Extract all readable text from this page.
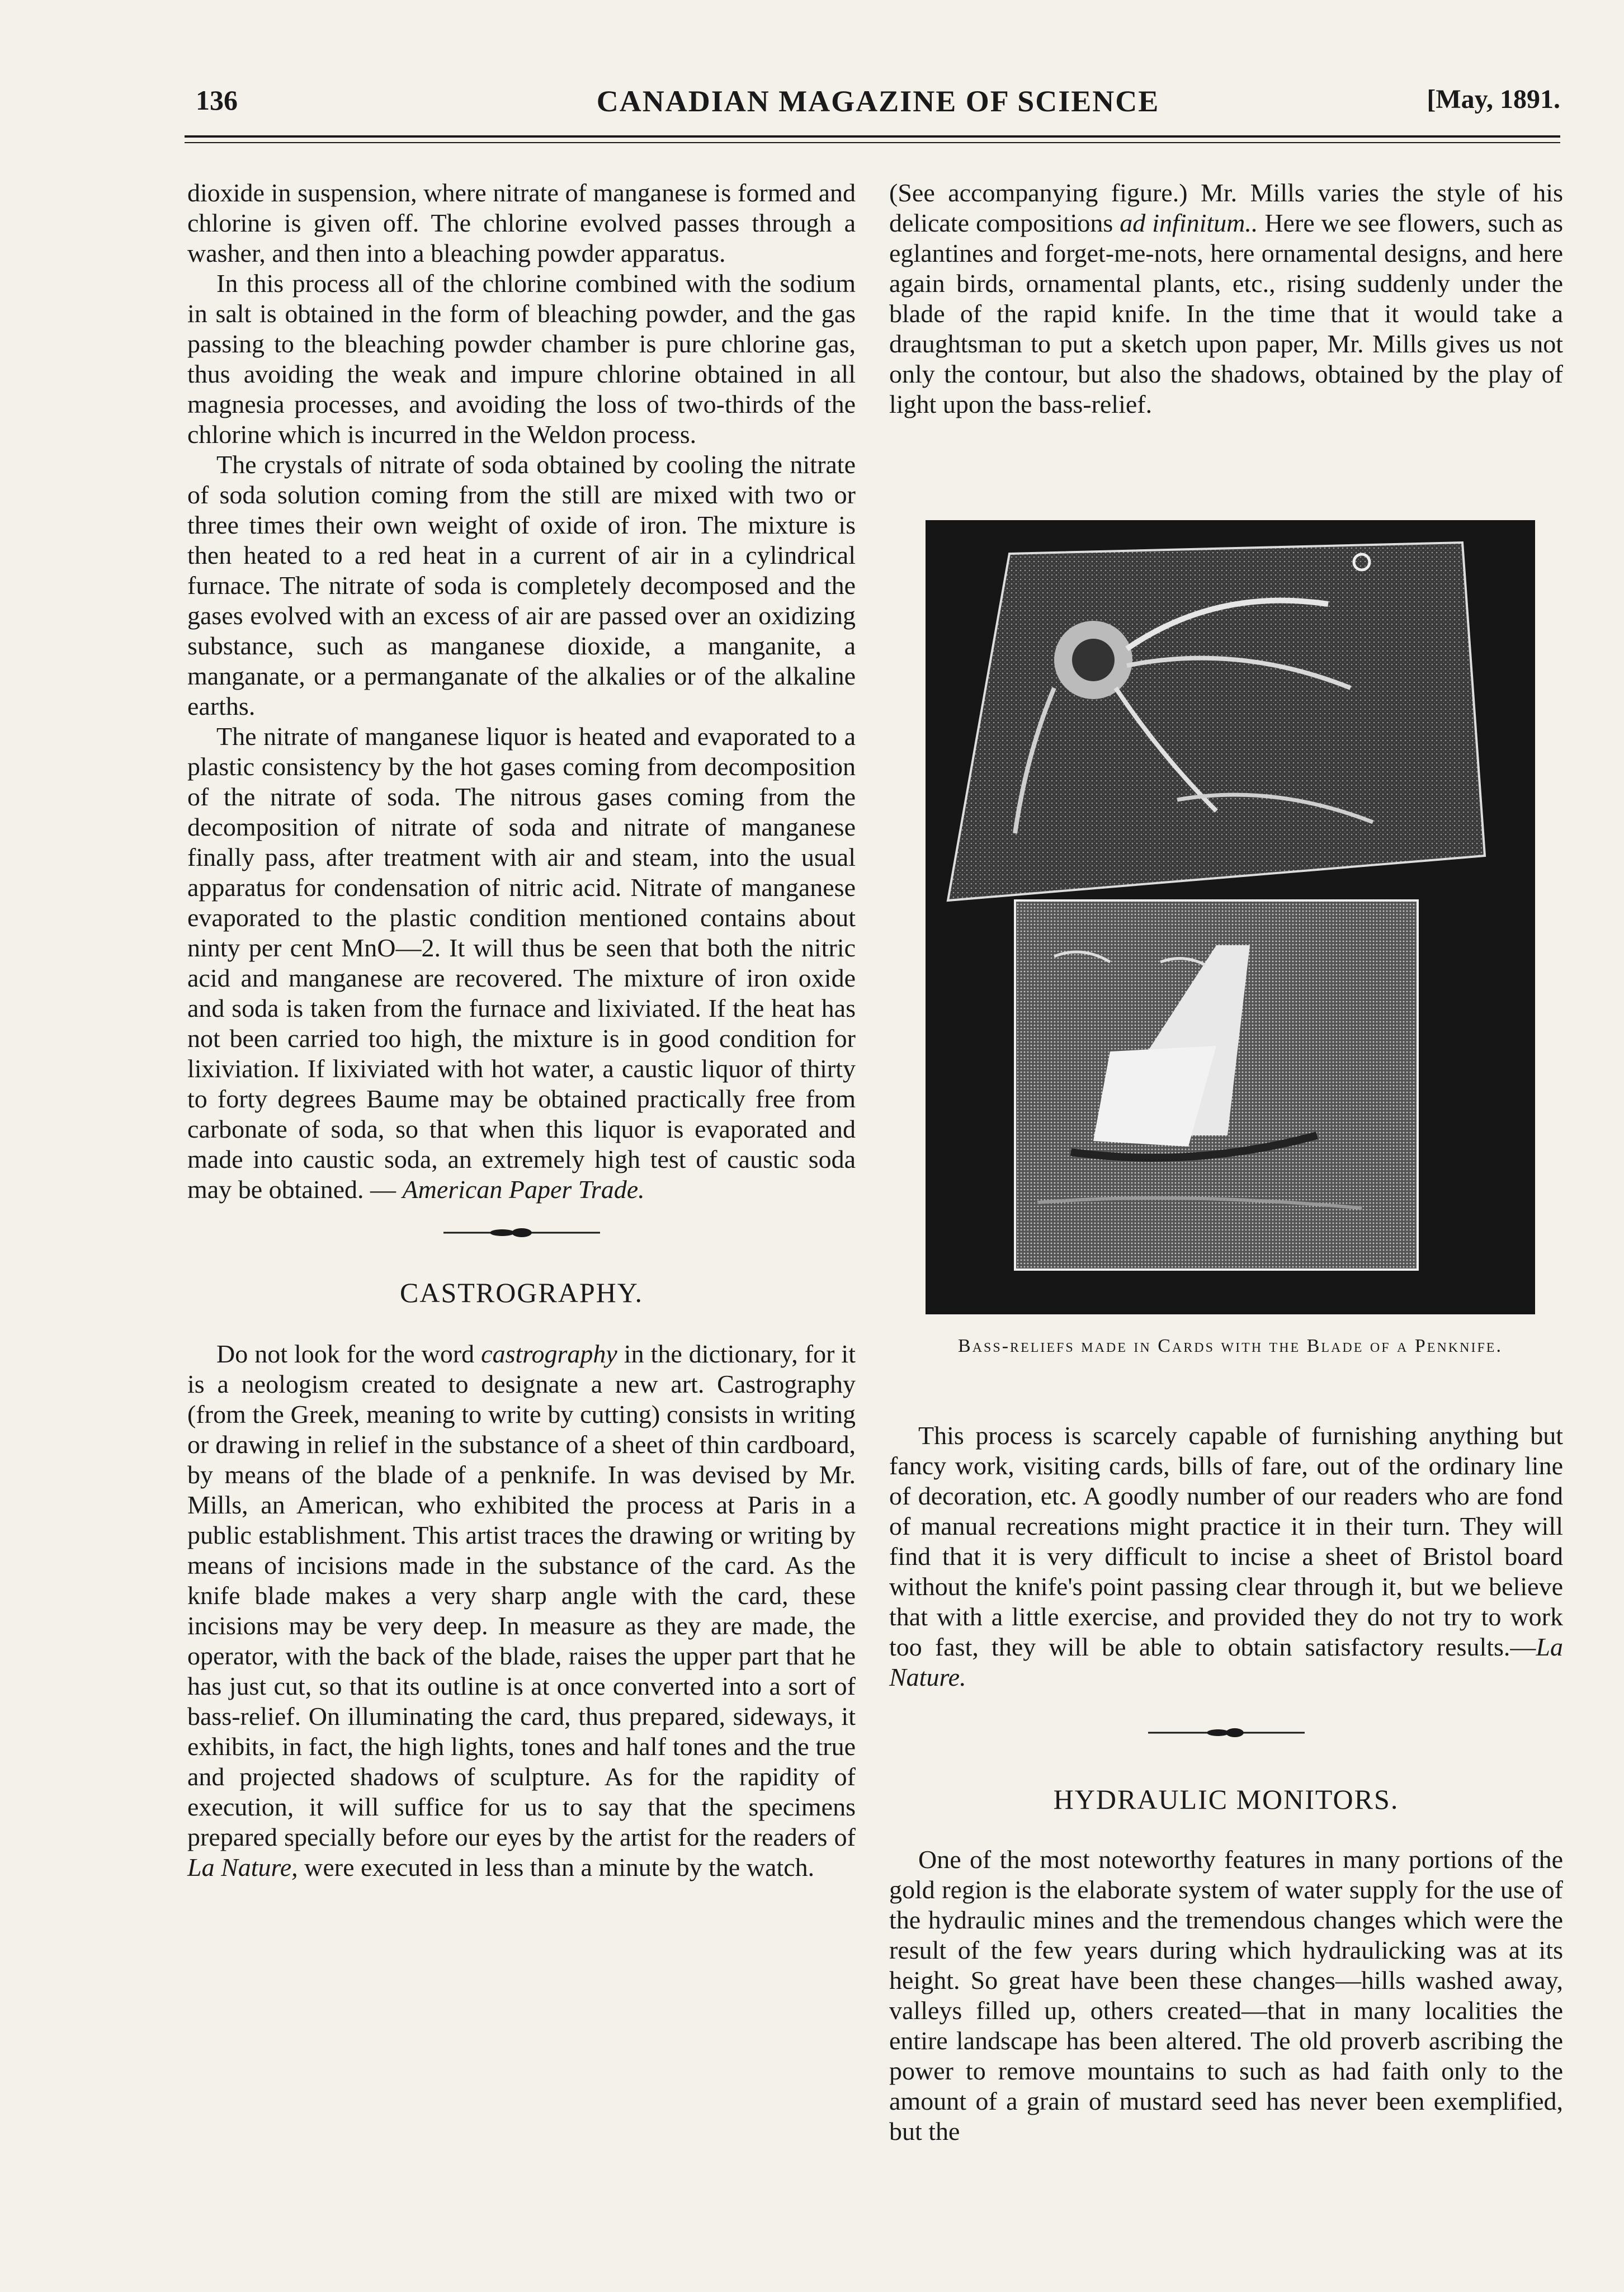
136	CANADIAN MAGAZINE OF SCIENCE	[May, 1891.

dioxide in suspension, where nitrate of manganese is formed and chlorine is given off. The chlorine evolved passes through a washer, and then into a bleaching powder apparatus.

In this process all of the chlorine combined with the sodium in salt is obtained in the form of bleaching powder, and the gas passing to the bleaching powder chamber is pure chlorine gas, thus avoiding the weak and impure chlorine obtained in all magnesia processes, and avoiding the loss of two-thirds of the chlorine which is incurred in the Weldon process.

The crystals of nitrate of soda obtained by cooling the nitrate of soda solution coming from the still are mixed with two or three times their own weight of oxide of iron. The mixture is then heated to a red heat in a current of air in a cylindrical furnace. The nitrate of soda is completely decomposed and the gases evolved with an excess of air are passed over an oxidizing substance, such as manganese dioxide, a manganite, a manganate, or a permanganate of the alkalies or of the alkaline earths.

The nitrate of manganese liquor is heated and evaporated to a plastic consistency by the hot gases coming from decomposition of the nitrate of soda. The nitrous gases coming from the decomposition of nitrate of soda and nitrate of manganese finally pass, after treatment with air and steam, into the usual apparatus for condensation of nitric acid. Nitrate of manganese evaporated to the plastic condition mentioned contains about ninty per cent MnO—2. It will thus be seen that both the nitric acid and manganese are recovered. The mixture of iron oxide and soda is taken from the furnace and lixiviated. If the heat has not been carried too high, the mixture is in good condition for lixiviation. If lixiviated with hot water, a caustic liquor of thirty to forty degrees Baume may be obtained practically free from carbonate of soda, so that when this liquor is evaporated and made into caustic soda, an extremely high test of caustic soda may be obtained. — American Paper Trade.

CASTROGRAPHY.

Do not look for the word castrography in the dictionary, for it is a neologism created to designate a new art. Castrography (from the Greek, meaning to write by cutting) consists in writing or drawing in relief in the substance of a sheet of thin cardboard, by means of the blade of a penknife. In was devised by Mr. Mills, an American, who exhibited the process at Paris in a public establishment. This artist traces the drawing or writing by means of incisions made in the substance of the card. As the knife blade makes a very sharp angle with the card, these incisions may be very deep. In measure as they are made, the operator, with the back of the blade, raises the upper part that he has just cut, so that its outline is at once converted into a sort of bass-relief. On illuminating the card, thus prepared, sideways, it exhibits, in fact, the high lights, tones and half tones and the true and projected shadows of sculpture. As for the rapidity of execution, it will suffice for us to say that the specimens prepared specially before our eyes by the artist for the readers of La Nature, were executed in less than a minute by the watch.

(See accompanying figure.) Mr. Mills varies the style of his delicate compositions ad infinitum.. Here we see flowers, such as eglantines and forget-me-nots, here ornamental designs, and here again birds, ornamental plants, etc., rising suddenly under the blade of the rapid knife. In the time that it would take a draughtsman to put a sketch upon paper, Mr. Mills gives us not only the contour, but also the shadows, obtained by the play of light upon the bass-relief.

Bass-reliefs made in Cards with the Blade of a Penknife.

This process is scarcely capable of furnishing anything but fancy work, visiting cards, bills of fare, out of the ordinary line of decoration, etc. A goodly number of our readers who are fond of manual recreations might practice it in their turn. They will find that it is very difficult to incise a sheet of Bristol board without the knife's point passing clear through it, but we believe that with a little exercise, and provided they do not try to work too fast, they will be able to obtain satisfactory results.—La Nature.

HYDRAULIC MONITORS.

One of the most noteworthy features in many portions of the gold region is the elaborate system of water supply for the use of the hydraulic mines and the tremendous changes which were the result of the few years during which hydraulicking was at its height. So great have been these changes—hills washed away, valleys filled up, others created—that in many localities the entire landscape has been altered. The old proverb ascribing the power to remove mountains to such as had faith only to the amount of a grain of mustard seed has never been exemplified, but the
